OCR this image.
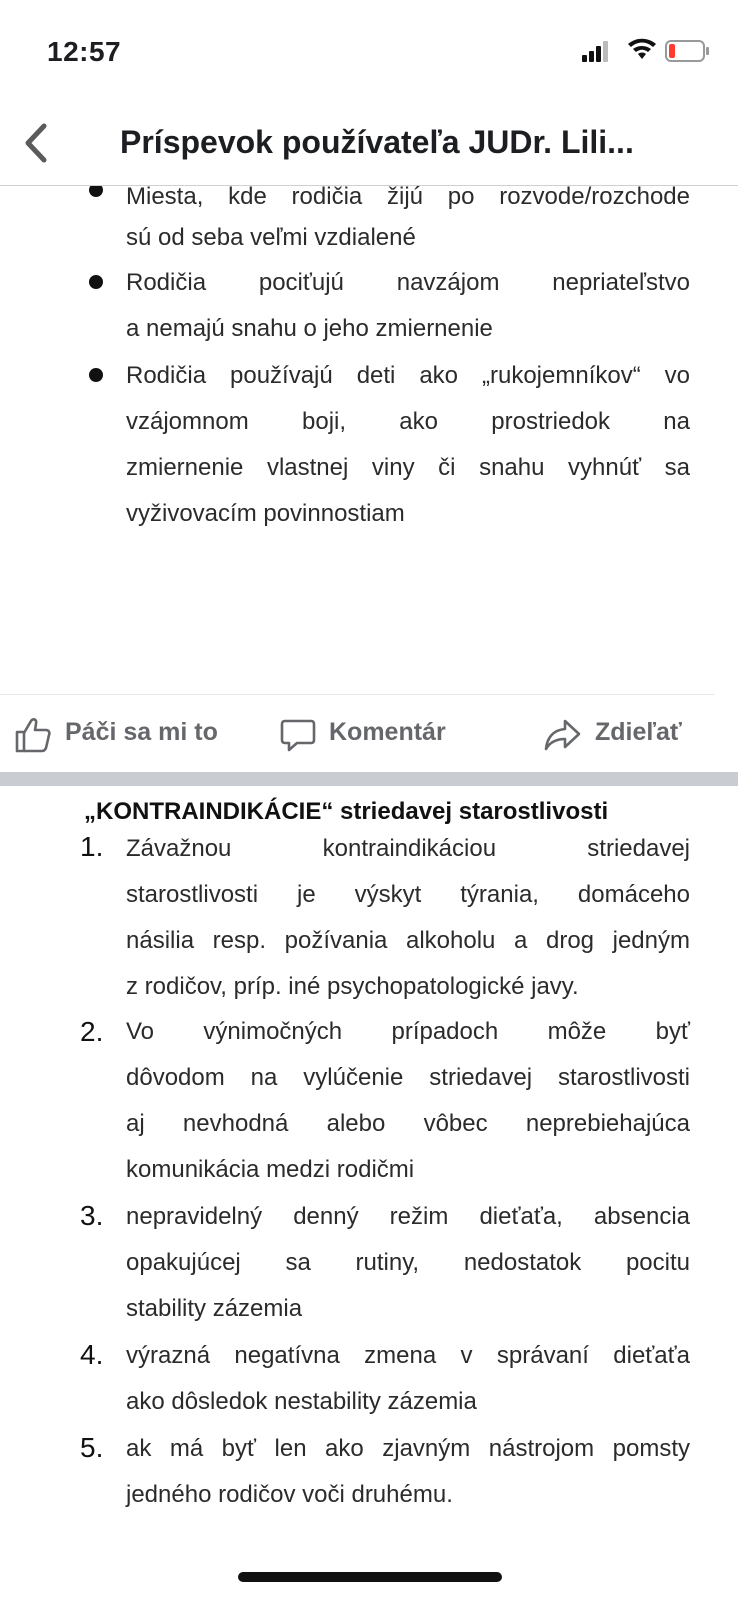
12:57
Príspevok používateľa JUDr. Lili...
Miesta, kde rodičia žijú po rozvode/rozchode
sú od seba veľmi vzdialené
Rodičia pociťujú navzájom nepriateľstvo
a nemajú snahu o jeho zmiernenie
Rodičia používajú deti ako „rukojemníkov“ vo
vzájomnom boji, ako prostriedok na
zmiernenie vlastnej viny či snahu vyhnúť sa
vyživovacím povinnostiam
Páči sa mi to	Komentár	Zdieľať
„KONTRAINDIKÁCIE“ striedavej starostlivosti
1. Závažnou kontraindikáciou striedavej
starostlivosti je výskyt týrania, domáceho
násilia resp. požívania alkoholu a drog jedným
z rodičov, príp. iné psychopatologické javy.
2. Vo výnimočných prípadoch môže byť
dôvodom na vylúčenie striedavej starostlivosti
aj nevhodná alebo vôbec neprebiehajúca
komunikácia medzi rodičmi
3. nepravidelný denný režim dieťaťa, absencia
opakujúcej sa rutiny, nedostatok pocitu
stability zázemia
4. výrazná negatívna zmena v správaní dieťaťa
ako dôsledok nestability zázemia
5. ak má byť len ako zjavným nástrojom pomsty
jedného rodičov voči druhému.
